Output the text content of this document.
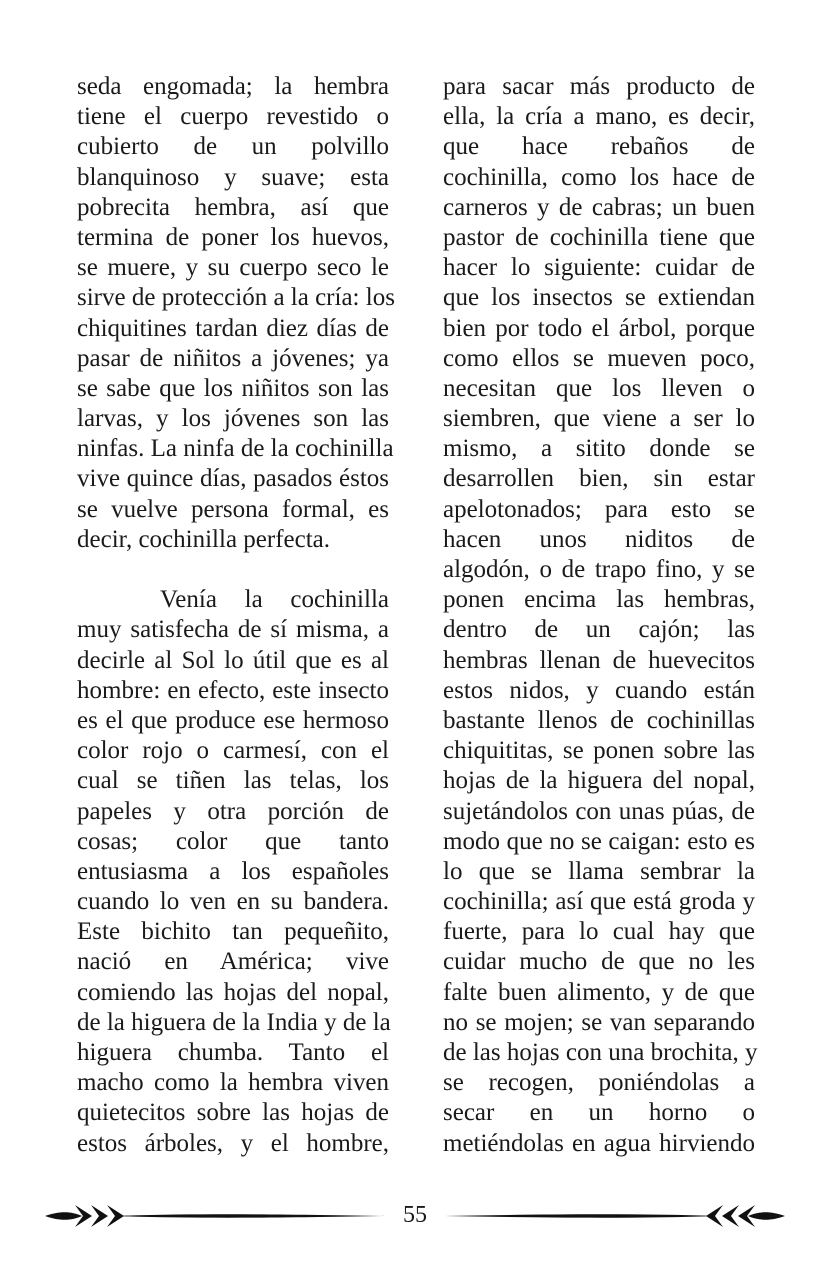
seda engomada; la hembra
tiene el cuerpo revestido o
cubierto de un polvillo
blanquinoso y suave; esta
pobrecita hembra, así que
termina de poner los huevos,
se muere, y su cuerpo seco le
sirve de protección a la cría: los
chiquitines tardan diez días de
pasar de niñitos a jóvenes; ya
se sabe que los niñitos son las
larvas, y los jóvenes son las
ninfas. La ninfa de la cochinilla
vive quince días, pasados éstos
se vuelve persona formal, es
decir, cochinilla perfecta.
Venía la cochinilla
muy satisfecha de sí misma, a
decirle al Sol lo útil que es al
hombre: en efecto, este insecto
es el que produce ese hermoso
color rojo o carmesí, con el
cual se tiñen las telas, los
papeles y otra porción de
cosas; color que tanto
entusiasma a los españoles
cuando lo ven en su bandera.
Este bichito tan pequeñito,
nació en América; vive
comiendo las hojas del nopal,
de la higuera de la India y de la
higuera chumba. Tanto el
macho como la hembra viven
quietecitos sobre las hojas de
estos árboles, y el hombre,
para sacar más producto de
ella, la cría a mano, es decir,
que hace rebaños de
cochinilla, como los hace de
carneros y de cabras; un buen
pastor de cochinilla tiene que
hacer lo siguiente: cuidar de
que los insectos se extiendan
bien por todo el árbol, porque
como ellos se mueven poco,
necesitan que los lleven o
siembren, que viene a ser lo
mismo, a sitito donde se
desarrollen bien, sin estar
apelotonados; para esto se
hacen unos niditos de
algodón, o de trapo fino, y se
ponen encima las hembras,
dentro de un cajón; las
hembras llenan de huevecitos
estos nidos, y cuando están
bastante llenos de cochinillas
chiquititas, se ponen sobre las
hojas de la higuera del nopal,
sujetándolos con unas púas, de
modo que no se caigan: esto es
lo que se llama sembrar la
cochinilla; así que está groda y
fuerte, para lo cual hay que
cuidar mucho de que no les
falte buen alimento, y de que
no se mojen; se van separando
de las hojas con una brochita, y
se recogen, poniéndolas a
secar en un horno o
metiéndolas en agua hirviendo
55
